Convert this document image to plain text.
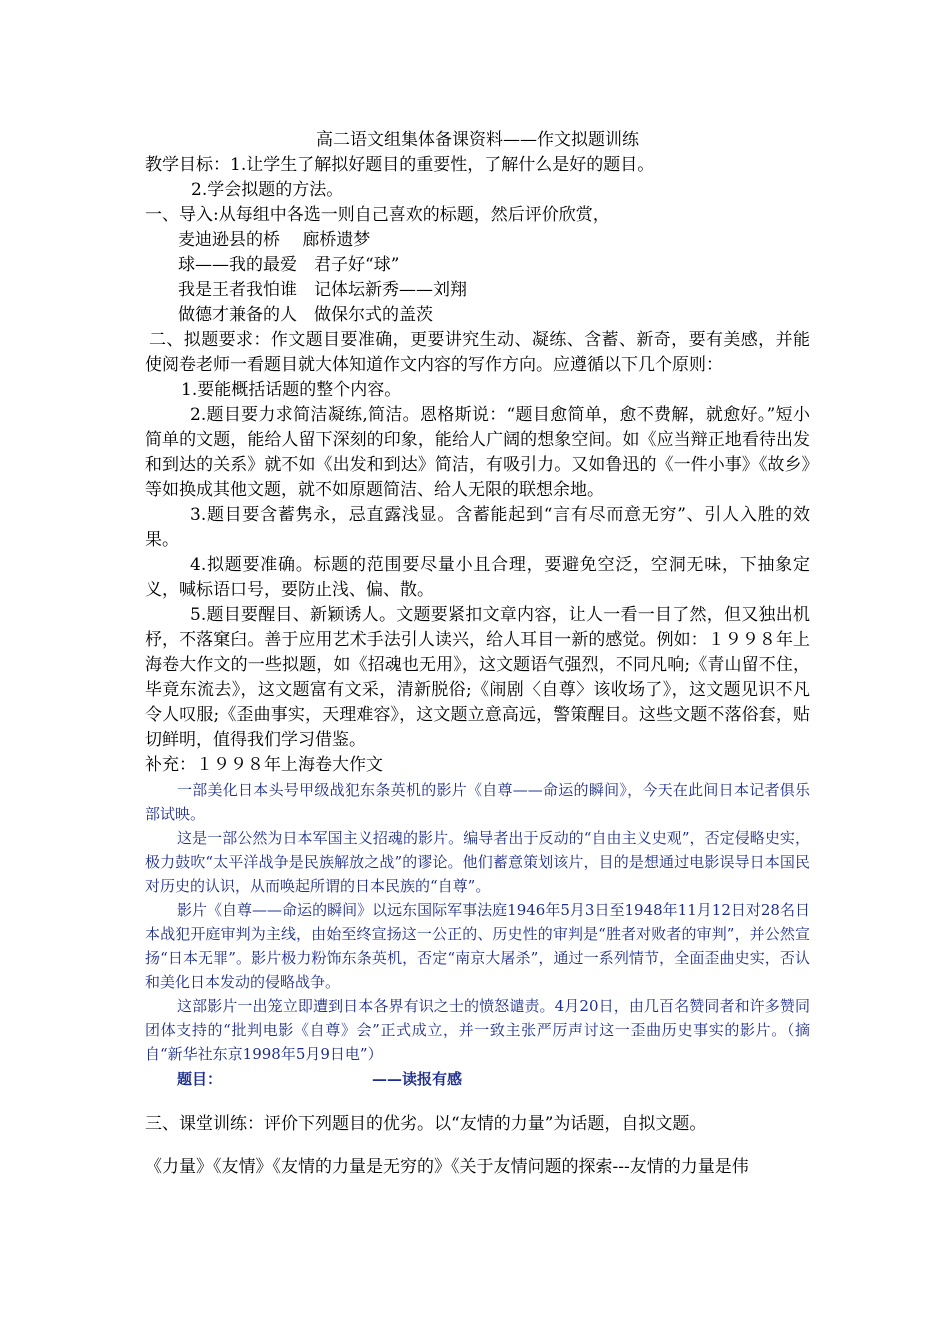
高二语文组集体备课资料——作文拟题训练

教学目标：1.让学生了解拟好题目的重要性，了解什么是好的题目。

2.学会拟题的方法。

一、导入:从每组中各选一则自己喜欢的标题，然后评价欣赏，

麦迪逊县的桥　 廊桥遗梦

球——我的最爱　君子好“球”

我是王者我怕谁　记体坛新秀——刘翔

做德才兼备的人　做保尔式的盖茨

二、拟题要求：作文题目要准确，更要讲究生动、凝练、含蓄、新奇，要有美感，并能使阅卷老师一看题目就大体知道作文内容的写作方向。应遵循以下几个原则：

1.要能概括话题的整个内容。

2.题目要力求简洁凝练,简洁。恩格斯说：“题目愈简单，愈不费解，就愈好。”短小简单的文题，能给人留下深刻的印象，能给人广阔的想象空间。如《应当辩正地看待出发和到达的关系》就不如《出发和到达》简洁，有吸引力。又如鲁迅的《一件小事》《故乡》等如换成其他文题，就不如原题简洁、给人无限的联想余地。

3.题目要含蓄隽永，忌直露浅显。含蓄能起到“言有尽而意无穷”、引人入胜的效果。

4.拟题要准确。标题的范围要尽量小且合理，要避免空泛，空洞无味，下抽象定义，喊标语口号，要防止浅、偏、散。

5.题目要醒目、新颖诱人。文题要紧扣文章内容，让人一看一目了然，但又独出机杼，不落窠臼。善于应用艺术手法引人读兴，给人耳目一新的感觉。例如：１９９８年上海卷大作文的一些拟题，如《招魂也无用》，这文题语气强烈，不同凡响;《青山留不住，毕竟东流去》，这文题富有文采，清新脱俗;《闹剧〈自尊〉该收场了》，这文题见识不凡令人叹服;《歪曲事实，天理难容》，这文题立意高远，警策醒目。这些文题不落俗套，贴切鲜明，值得我们学习借鉴。

补充：１９９８年上海卷大作文

一部美化日本头号甲级战犯东条英机的影片《自尊——命运的瞬间》，今天在此间日本记者俱乐部试映。

这是一部公然为日本军国主义招魂的影片。编导者出于反动的“自由主义史观”，否定侵略史实，极力鼓吹“太平洋战争是民族解放之战”的谬论。他们蓄意策划该片，目的是想通过电影误导日本国民对历史的认识，从而唤起所谓的日本民族的“自尊”。

影片《自尊——命运的瞬间》以远东国际军事法庭1946年5月3日至1948年11月12日对28名日本战犯开庭审判为主线，由始至终宣扬这一公正的、历史性的审判是“胜者对败者的审判”，并公然宣扬“日本无罪”。影片极力粉饰东条英机，否定“南京大屠杀”，通过一系列情节，全面歪曲史实，否认和美化日本发动的侵略战争。

这部影片一出笼立即遭到日本各界有识之士的愤怒谴责。4月20日，由几百名赞同者和许多赞同团体支持的“批判电影《自尊》会”正式成立，并一致主张严厉声讨这一歪曲历史事实的影片。（摘自“新华社东京1998年5月9日电”）

题目：	——读报有感

三、课堂训练：评价下列题目的优劣。以“友情的力量”为话题，自拟文题。

《力量》《友情》《友情的力量是无穷的》《关于友情问题的探索---友情的力量是伟
